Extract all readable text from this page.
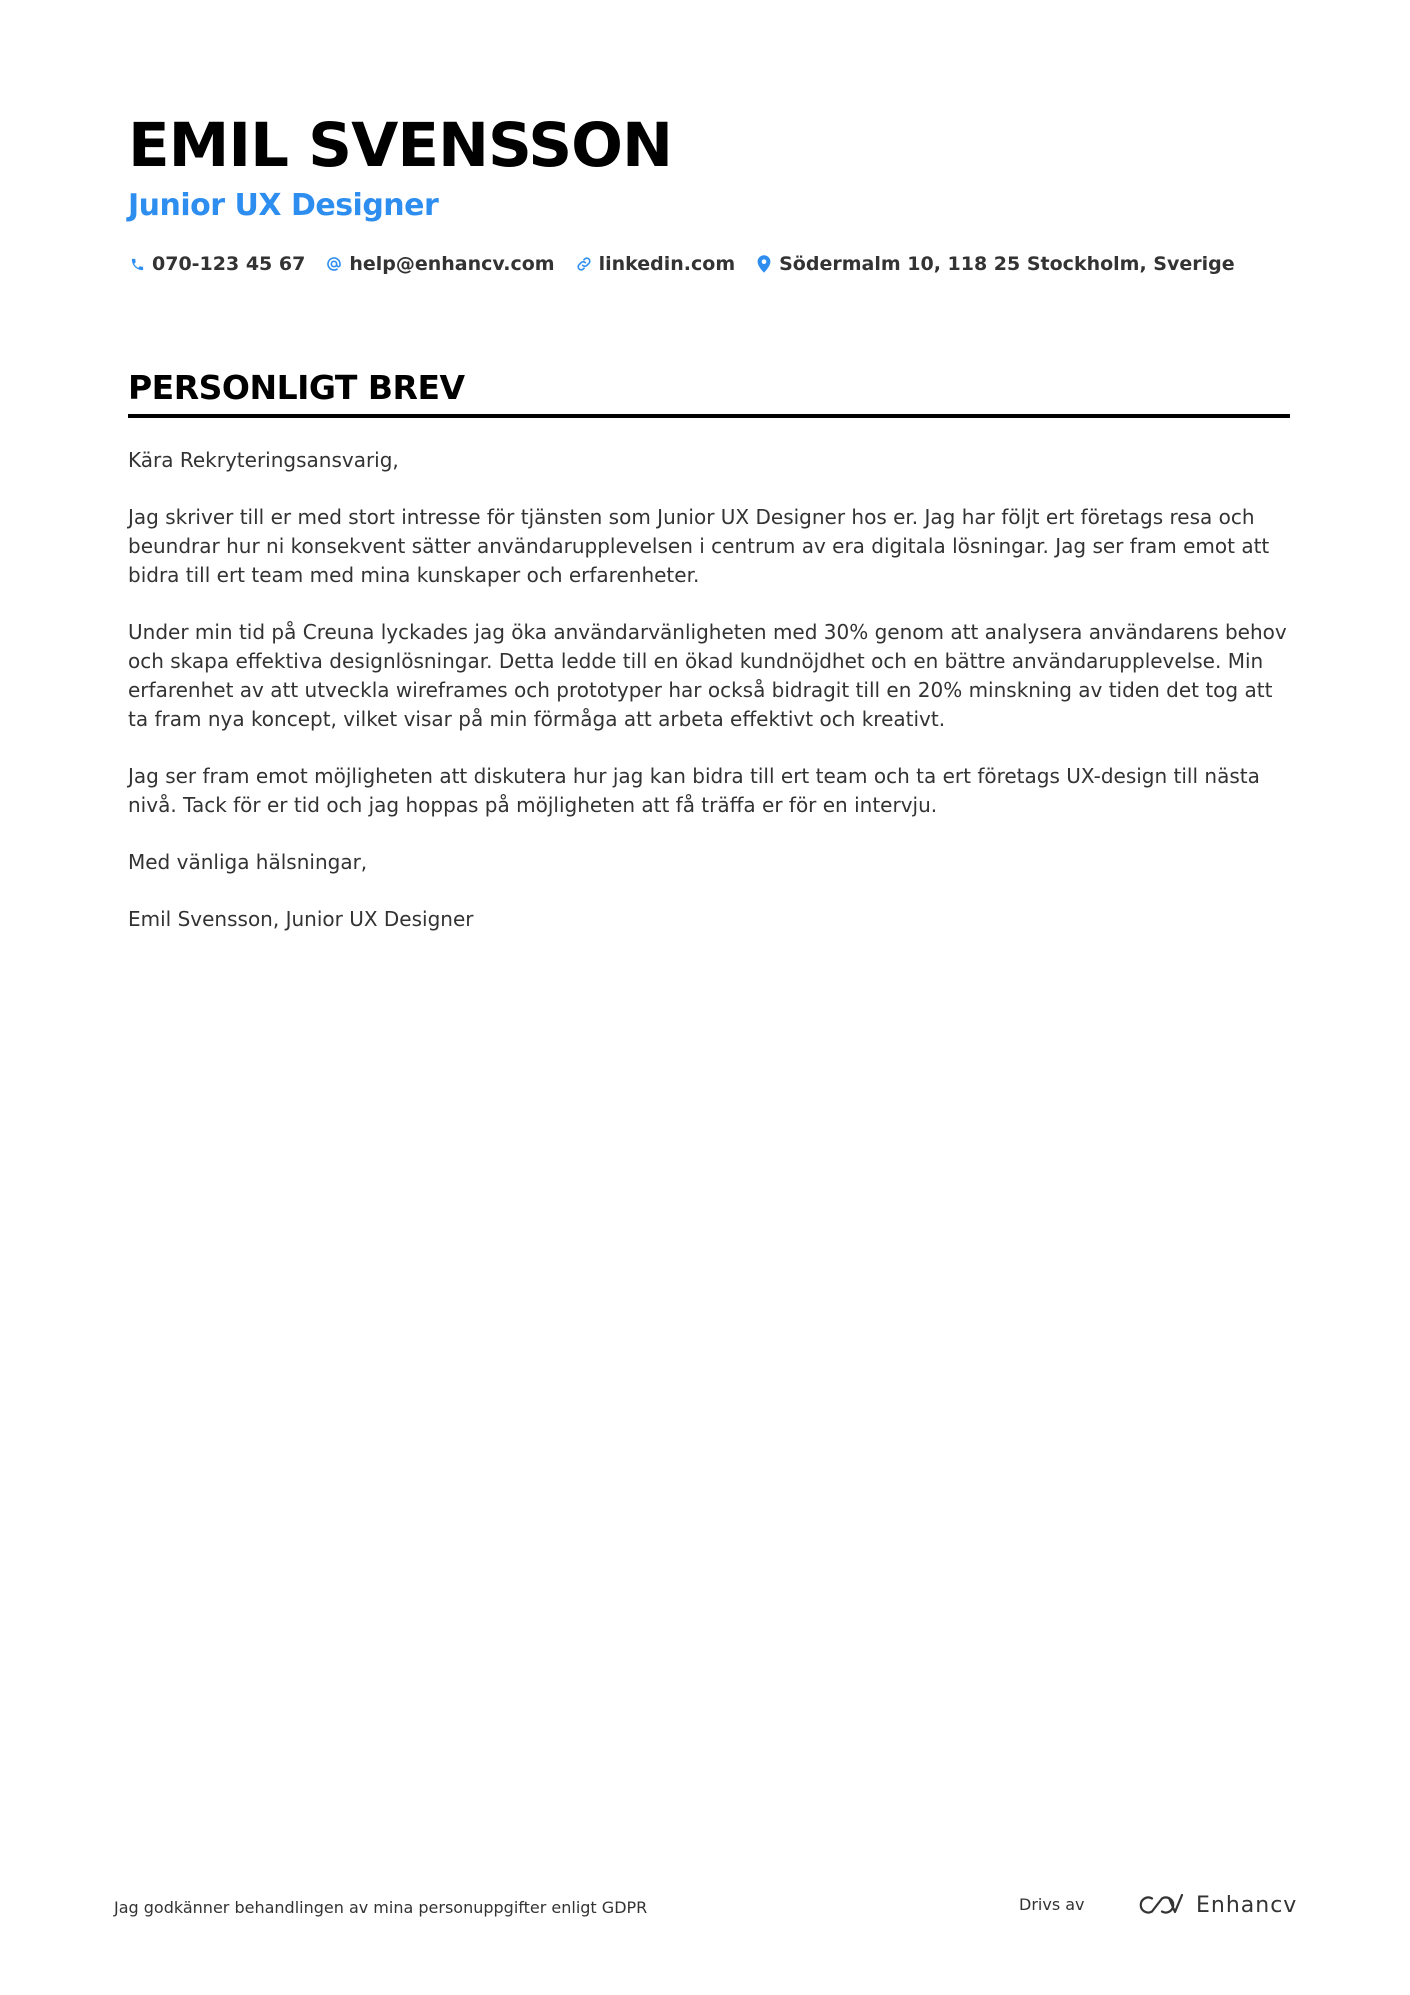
EMIL SVENSSON
Junior UX Designer
070-123 45 67 help@enhancv.com linkedin.com Södermalm 10, 118 25 Stockholm, Sverige
PERSONLIGT BREV

Kära Rekryteringsansvarig,

Jag skriver till er med stort intresse för tjänsten som Junior UX Designer hos er. Jag har följt ert företags resa och beundrar hur ni konsekvent sätter användarupplevelsen i centrum av era digitala lösningar. Jag ser fram emot att bidra till ert team med mina kunskaper och erfarenheter.

Under min tid på Creuna lyckades jag öka användarvänligheten med 30% genom att analysera användarens behov och skapa effektiva designlösningar. Detta ledde till en ökad kundnöjdhet och en bättre användarupplevelse. Min erfarenhet av att utveckla wireframes och prototyper har också bidragit till en 20% minskning av tiden det tog att ta fram nya koncept, vilket visar på min förmåga att arbeta effektivt och kreativt.

Jag ser fram emot möjligheten att diskutera hur jag kan bidra till ert team och ta ert företags UX-design till nästa nivå. Tack för er tid och jag hoppas på möjligheten att få träffa er för en intervju.

Med vänliga hälsningar,

Emil Svensson, Junior UX Designer

Jag godkänner behandlingen av mina personuppgifter enligt GDPR	Drivs av	Enhancv
